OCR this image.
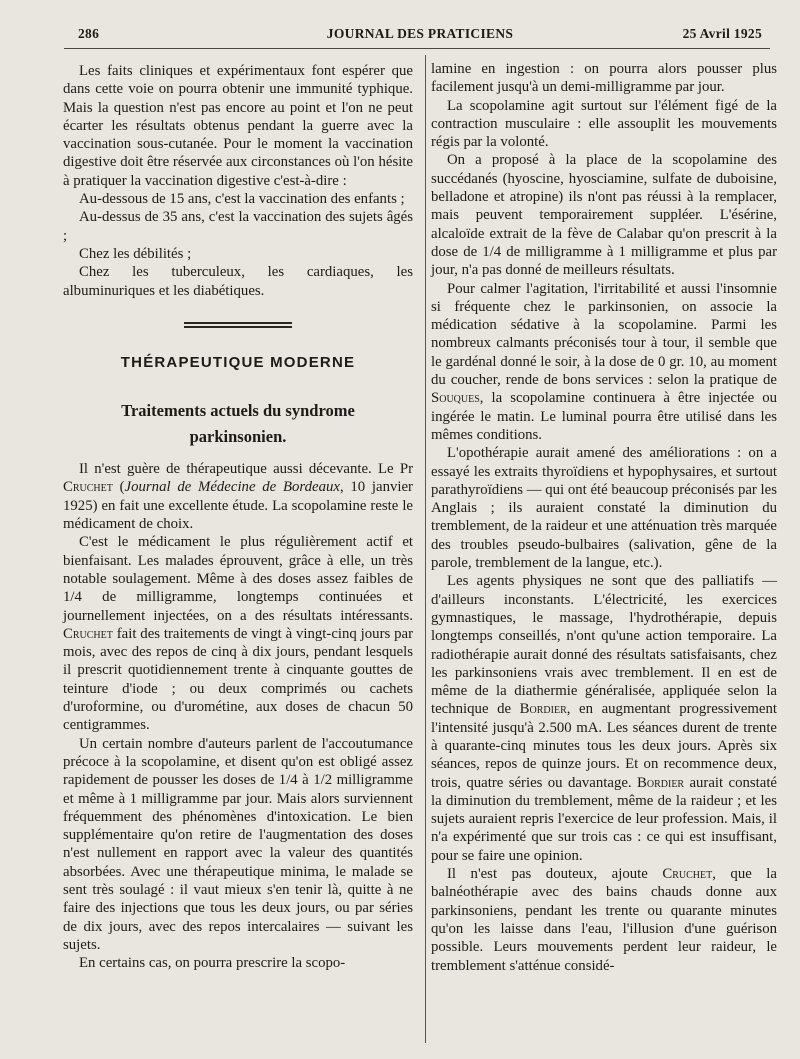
286	JOURNAL DES PRATICIENS	25 Avril 1925

Les faits cliniques et expérimentaux font espérer que dans cette voie on pourra obtenir une immunité typhique. Mais la question n'est pas encore au point et l'on ne peut écarter les résultats obtenus pendant la guerre avec la vaccination sous-cutanée. Pour le moment la vaccination digestive doit être réservée aux circonstances où l'on hésite à pratiquer la vaccination digestive c'est-à-dire :

Au-dessous de 15 ans, c'est la vaccination des enfants ;

Au-dessus de 35 ans, c'est la vaccination des sujets âgés ;

Chez les débilités ;

Chez les tuberculeux, les cardiaques, les albuminuriques et les diabétiques.

THÉRAPEUTIQUE MODERNE
Traitements actuels du syndrome
parkinsonien.

Il n'est guère de thérapeutique aussi décevante. Le Pr Cruchet (Journal de Médecine de Bordeaux, 10 janvier 1925) en fait une excellente étude. La scopolamine reste le médicament de choix.

C'est le médicament le plus régulièrement actif et bienfaisant. Les malades éprouvent, grâce à elle, un très notable soulagement. Même à des doses assez faibles de 1/4 de milligramme, longtemps continuées et journellement injectées, on a des résultats intéressants. Cruchet fait des traitements de vingt à vingt-cinq jours par mois, avec des repos de cinq à dix jours, pendant lesquels il prescrit quotidiennement trente à cinquante gouttes de teinture d'iode ; ou deux comprimés ou cachets d'uroformine, ou d'urométine, aux doses de chacun 50 centigrammes.

Un certain nombre d'auteurs parlent de l'accoutumance précoce à la scopolamine, et disent qu'on est obligé assez rapidement de pousser les doses de 1/4 à 1/2 milligramme et même à 1 milligramme par jour. Mais alors surviennent fréquemment des phénomènes d'intoxication. Le bien supplémentaire qu'on retire de l'augmentation des doses n'est nullement en rapport avec la valeur des quantités absorbées. Avec une thérapeutique minima, le malade se sent très soulagé : il vaut mieux s'en tenir là, quitte à ne faire des injections que tous les deux jours, ou par séries de dix jours, avec des repos intercalaires — suivant les sujets.

En certains cas, on pourra prescrire la scopo-

lamine en ingestion : on pourra alors pousser plus facilement jusqu'à un demi-milligramme par jour.

La scopolamine agit surtout sur l'élément figé de la contraction musculaire : elle assouplit les mouvements régis par la volonté.

On a proposé à la place de la scopolamine des succédanés (hyoscine, hyosciamine, sulfate de duboisine, belladone et atropine) ils n'ont pas réussi à la remplacer, mais peuvent temporairement suppléer. L'ésérine, alcaloïde extrait de la fève de Calabar qu'on prescrit à la dose de 1/4 de milligramme à 1 milligramme et plus par jour, n'a pas donné de meilleurs résultats.

Pour calmer l'agitation, l'irritabilité et aussi l'insomnie si fréquente chez le parkinsonien, on associe la médication sédative à la scopolamine. Parmi les nombreux calmants préconisés tour à tour, il semble que le gardénal donné le soir, à la dose de 0 gr. 10, au moment du coucher, rende de bons services : selon la pratique de Souques, la scopolamine continuera à être injectée ou ingérée le matin. Le luminal pourra être utilisé dans les mêmes conditions.

L'opothérapie aurait amené des améliorations : on a essayé les extraits thyroïdiens et hypophysaires, et surtout parathyroïdiens — qui ont été beaucoup préconisés par les Anglais ; ils auraient constaté la diminution du tremblement, de la raideur et une atténuation très marquée des troubles pseudo-bulbaires (salivation, gêne de la parole, tremblement de la langue, etc.).

Les agents physiques ne sont que des palliatifs — d'ailleurs inconstants. L'électricité, les exercices gymnastiques, le massage, l'hydrothérapie, depuis longtemps conseillés, n'ont qu'une action temporaire. La radiothérapie aurait donné des résultats satisfaisants, chez les parkinsoniens vrais avec tremblement. Il en est de même de la diathermie généralisée, appliquée selon la technique de Bordier, en augmentant progressivement l'intensité jusqu'à 2.500 mA. Les séances durent de trente à quarante-cinq minutes tous les deux jours. Après six séances, repos de quinze jours. Et on recommence deux, trois, quatre séries ou davantage. Bordier aurait constaté la diminution du tremblement, même de la raideur ; et les sujets auraient repris l'exercice de leur profession. Mais, il n'a expérimenté que sur trois cas : ce qui est insuffisant, pour se faire une opinion.

Il n'est pas douteux, ajoute Cruchet, que la balnéothérapie avec des bains chauds donne aux parkinsoniens, pendant les trente ou quarante minutes qu'on les laisse dans l'eau, l'illusion d'une guérison possible. Leurs mouvements perdent leur raideur, le tremblement s'atténue considé-
